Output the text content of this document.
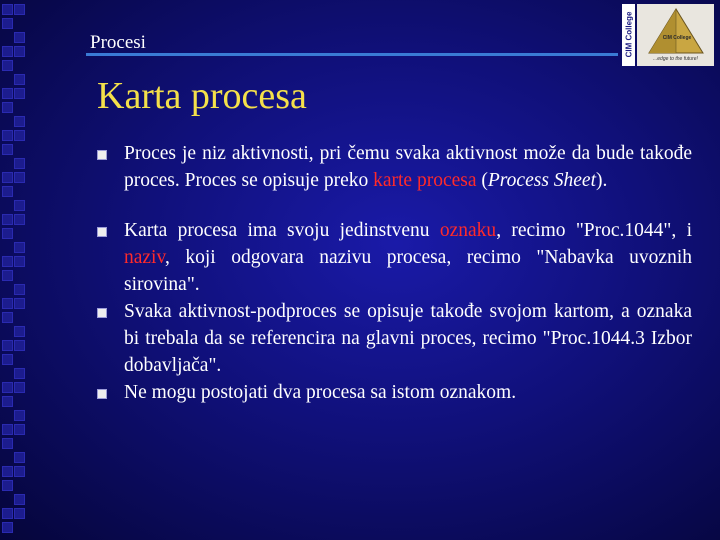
Procesi	CIM College	CIM College
...edge to the future!
Karta procesa
Proces je niz aktivnosti, pri čemu svaka aktivnost može da bude takođe proces. Proces se opisuje preko karte procesa (Process Sheet).
Karta procesa ima svoju jedinstvenu oznaku, recimo "Proc.1044", i naziv, koji odgovara nazivu procesa, recimo "Nabavka uvoznih sirovina".
Svaka aktivnost-podproces se opisuje takođe svojom kartom, a oznaka bi trebala da se referencira na glavni proces, recimo "Proc.1044.3 Izbor dobavljača".
Ne mogu postojati dva procesa sa istom oznakom.
